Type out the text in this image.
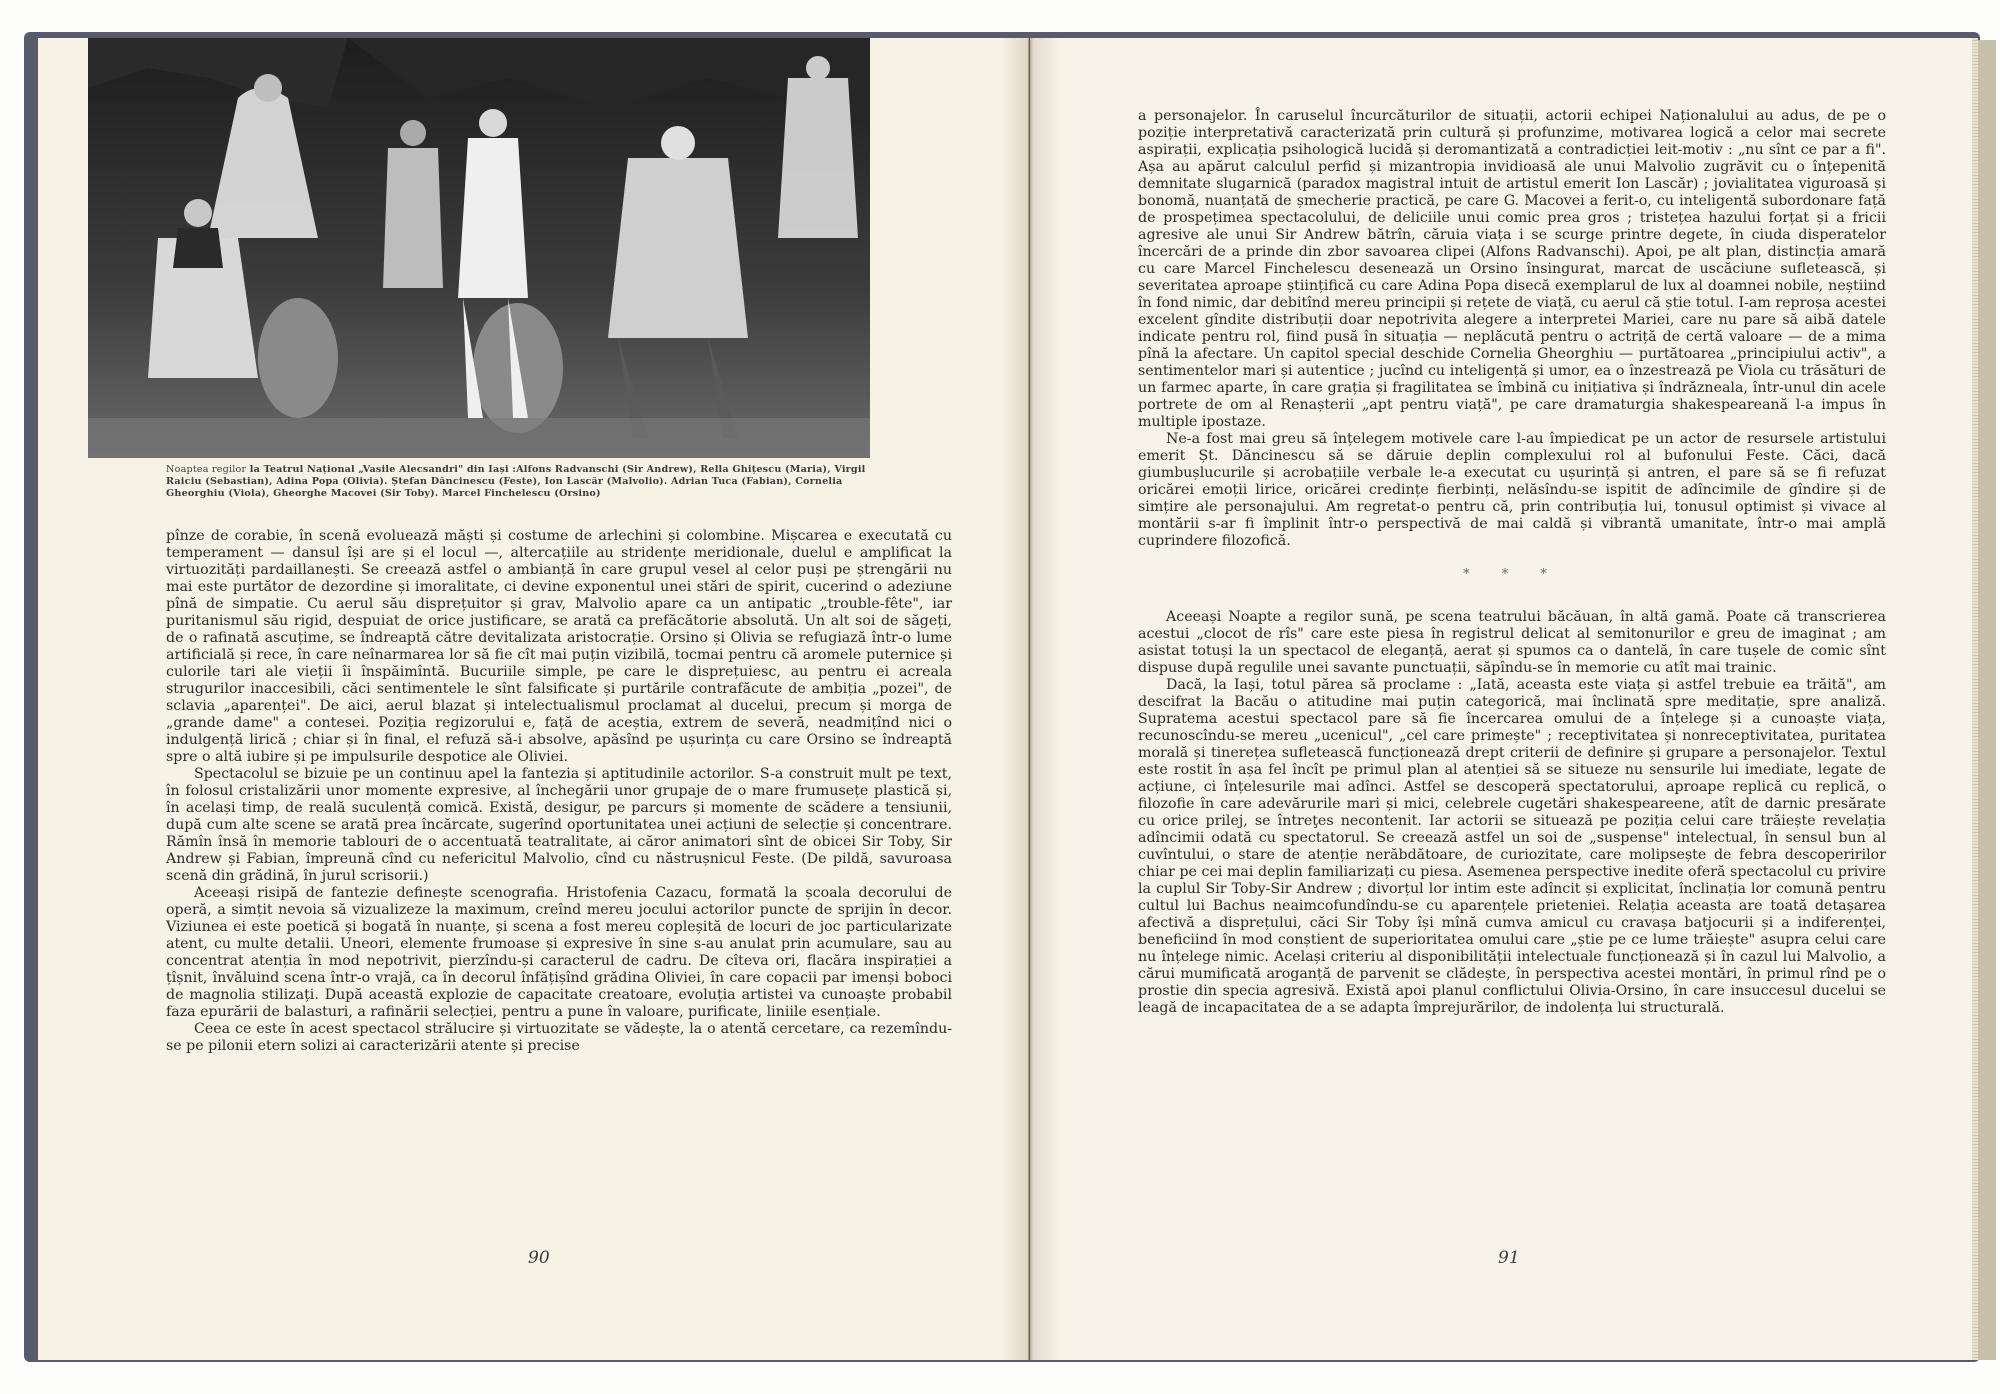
Noaptea regilor la Teatrul Național „Vasile Alecsandri" din Iași :Alfons Radvanschi (Sir Andrew), Rella Ghițescu (Maria), Virgil Raiciu (Sebastian), Adina Popa (Olivia). Ștefan Dăncinescu (Feste), Ion Lascăr (Malvolio). Adrian Tuca (Fabian), Cornelia Gheorghiu (Viola), Gheorghe Macovei (Sir Toby). Marcel Finchelescu (Orsino)

pînze de corabie, în scenă evoluează măști și costume de arlechini și colombine. Mișcarea e executată cu temperament — dansul își are și el locul —, altercațiile au stridențe meridionale, duelul e amplificat la virtuozități pardaillanești. Se creează astfel o ambianță în care grupul vesel al celor puși pe ștrengării nu mai este purtător de dezordine și imoralitate, ci devine exponentul unei stări de spirit, cucerind o adeziune pînă de simpatie. Cu aerul său disprețuitor și grav, Malvolio apare ca un antipatic „trouble-fête", iar puritanismul său rigid, despuiat de orice justificare, se arată ca prefăcătorie absolută. Un alt soi de săgeți, de o rafinată ascuțime, se îndreaptă către devitalizata aristocrație. Orsino și Olivia se refugiază într-o lume artificială și rece, în care neînarmarea lor să fie cît mai puțin vizibilă, tocmai pentru că aromele puternice și culorile tari ale vieții îi înspăimîntă. Bucuriile simple, pe care le disprețuiesc, au pentru ei acreala strugurilor inaccesibili, căci sentimentele le sînt falsificate și purtările contrafăcute de ambiția „pozei", de sclavia „aparenței". De aici, aerul blazat și intelectualismul proclamat al ducelui, precum și morga de „grande dame" a contesei. Poziția regizorului e, față de aceștia, extrem de severă, neadmițînd nici o indulgență lirică ; chiar și în final, el refuză să-i absolve, apăsînd pe ușurința cu care Orsino se îndreaptă spre o altă iubire și pe impulsurile despotice ale Oliviei.

Spectacolul se bizuie pe un continuu apel la fantezia și aptitudinile actorilor. S-a construit mult pe text, în folosul cristalizării unor momente expresive, al închegării unor grupaje de o mare frumusețe plastică și, în același timp, de reală suculență comică. Există, desigur, pe parcurs și momente de scădere a tensiunii, după cum alte scene se arată prea încărcate, sugerînd oportunitatea unei acțiuni de selecție și concentrare. Rămîn însă în memorie tablouri de o accentuată teatralitate, ai căror animatori sînt de obicei Sir Toby, Sir Andrew și Fabian, împreună cînd cu nefericitul Malvolio, cînd cu năstrușnicul Feste. (De pildă, savuroasa scenă din grădină, în jurul scrisorii.)

Aceeași risipă de fantezie definește scenografia. Hristofenia Cazacu, formată la școala decorului de operă, a simțit nevoia să vizualizeze la maximum, creînd mereu jocului actorilor puncte de sprijin în decor. Viziunea ei este poetică și bogată în nuanțe, și scena a fost mereu copleșită de locuri de joc particularizate atent, cu multe detalii. Uneori, elemente frumoase și expresive în sine s-au anulat prin acumulare, sau au concentrat atenția în mod nepotrivit, pierzîndu-și caracterul de cadru. De cîteva ori, flacăra inspirației a țîșnit, învăluind scena într-o vrajă, ca în decorul înfățișînd grădina Oliviei, în care copacii par imenși boboci de magnolia stilizați. După această explozie de capacitate creatoare, evoluția artistei va cunoaște probabil faza epurării de balasturi, a rafinării selecției, pentru a pune în valoare, purificate, liniile esențiale.

Ceea ce este în acest spectacol strălucire și virtuozitate se vădește, la o atentă cercetare, ca rezemîndu-se pe pilonii etern solizi ai caracterizării atente și precise

90

a personajelor. În caruselul încurcăturilor de situații, actorii echipei Naționalului au adus, de pe o poziție interpretativă caracterizată prin cultură și profunzime, motivarea logică a celor mai secrete aspirații, explicația psihologică lucidă și deromantizată a contradicției leit-motiv : „nu sînt ce par a fi". Așa au apărut calculul perfid și mizantropia invidioasă ale unui Malvolio zugrăvit cu o înțepenită demnitate slugarnică (paradox magistral intuit de artistul emerit Ion Lascăr) ; jovialitatea viguroasă și bonomă, nuanțată de șmecherie practică, pe care G. Macovei a ferit-o, cu inteligentă subordonare față de prospețimea spectacolului, de deliciile unui comic prea gros ; tristețea hazului forțat și a fricii agresive ale unui Sir Andrew bătrîn, căruia viața i se scurge printre degete, în ciuda disperatelor încercări de a prinde din zbor savoarea clipei (Alfons Radvanschi). Apoi, pe alt plan, distincția amară cu care Marcel Finchelescu desenează un Orsino însingurat, marcat de uscăciune sufletească, și severitatea aproape științifică cu care Adina Popa disecă exemplarul de lux al doamnei nobile, neștiind în fond nimic, dar debitînd mereu principii și rețete de viață, cu aerul că știe totul. I-am reproșa acestei excelent gîndite distribuții doar nepotrivita alegere a interpretei Mariei, care nu pare să aibă datele indicate pentru rol, fiind pusă în situația — neplăcută pentru o actriță de certă valoare — de a mima pînă la afectare. Un capitol special deschide Cornelia Gheorghiu — purtătoarea „principiului activ", a sentimentelor mari și autentice ; jucînd cu inteligență și umor, ea o înzestrează pe Viola cu trăsături de un farmec aparte, în care grația și fragilitatea se îmbină cu inițiativa și îndrăzneala, într-unul din acele portrete de om al Renașterii „apt pentru viață", pe care dramaturgia shakespeareană l-a impus în multiple ipostaze.

Ne-a fost mai greu să înțelegem motivele care l-au împiedicat pe un actor de resursele artistului emerit Șt. Dăncinescu să se dăruie deplin complexului rol al bufonului Feste. Căci, dacă giumbușlucurile și acrobațiile verbale le-a executat cu ușurință și antren, el pare să se fi refuzat oricărei emoții lirice, oricărei credințe fierbinți, nelăsîndu-se ispitit de adîncimile de gîndire și de simțire ale personajului. Am regretat-o pentru că, prin contribuția lui, tonusul optimist și vivace al montării s-ar fi împlinit într-o perspectivă de mai caldă și vibrantă umanitate, într-o mai amplă cuprindere filozofică.

* * *

Aceeași Noapte a regilor sună, pe scena teatrului băcăuan, în altă gamă. Poate că transcrierea acestui „clocot de rîs" care este piesa în registrul delicat al semitonurilor e greu de imaginat ; am asistat totuși la un spectacol de eleganță, aerat și spumos ca o dantelă, în care tușele de comic sînt dispuse după regulile unei savante punctuații, săpîndu-se în memorie cu atît mai trainic.

Dacă, la Iași, totul părea să proclame : „Iată, aceasta este viața și astfel trebuie ea trăită", am descifrat la Bacău o atitudine mai puțin categorică, mai înclinată spre meditație, spre analiză. Supratema acestui spectacol pare să fie încercarea omului de a înțelege și a cunoaște viața, recunoscîndu-se mereu „ucenicul", „cel care primește" ; receptivitatea și nonreceptivitatea, puritatea morală și tinerețea sufletească funcționează drept criterii de definire și grupare a personajelor. Textul este rostit în așa fel încît pe primul plan al atenției să se situeze nu sensurile lui imediate, legate de acțiune, ci înțelesurile mai adînci. Astfel se descoperă spectatorului, aproape replică cu replică, o filozofie în care adevărurile mari și mici, celebrele cugetări shakespeareene, atît de darnic presărate cu orice prilej, se întreţes necontenit. Iar actorii se situează pe poziția celui care trăiește revelația adîncimii odată cu spectatorul. Se creează astfel un soi de „suspense" intelectual, în sensul bun al cuvîntului, o stare de atenție nerăbdătoare, de curiozitate, care molipsește de febra descoperirilor chiar pe cei mai deplin familiarizați cu piesa. Asemenea perspective inedite oferă spectacolul cu privire la cuplul Sir Toby-Sir Andrew ; divorțul lor intim este adîncit și explicitat, înclinația lor comună pentru cultul lui Bachus neaimcofundîndu-se cu aparențele prieteniei. Relația aceasta are toată detașarea afectivă a disprețului, căci Sir Toby își mînă cumva amicul cu cravașa batjocurii și a indiferenței, beneficiind în mod conștient de superioritatea omului care „știe pe ce lume trăiește" asupra celui care nu înțelege nimic. Același criteriu al disponibilității intelectuale funcționează și în cazul lui Malvolio, a cărui mumificată aroganță de parvenit se clădește, în perspectiva acestei montări, în primul rînd pe o prostie din specia agresivă. Există apoi planul conflictului Olivia-Orsino, în care insuccesul ducelui se leagă de incapacitatea de a se adapta împrejurărilor, de indolența lui structurală.

91
